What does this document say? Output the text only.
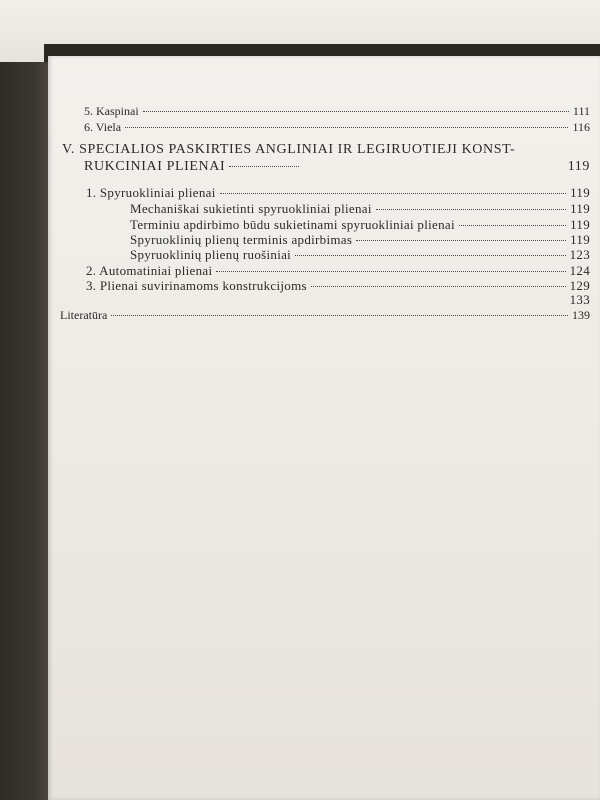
5. Kaspinai	111
6. Viela	116
V. SPECIALIOS PASKIRTIES ANGLINIAI IR LEGIRUOTIEJI KONST-
RUKCINIAI PLIENAI	119
1. Spyruokliniai plienai	119
Mechaniškai sukietinti spyruokliniai plienai	119
Terminiu apdirbimo būdu sukietinami spyruokliniai plienai	119
Spyruoklinių plienų terminis apdirbimas	119
Spyruoklinių plienų ruošiniai	123
2. Automatiniai plienai	124
3. Plienai suvirinamoms konstrukcijoms	129
133
Literatūra	139
